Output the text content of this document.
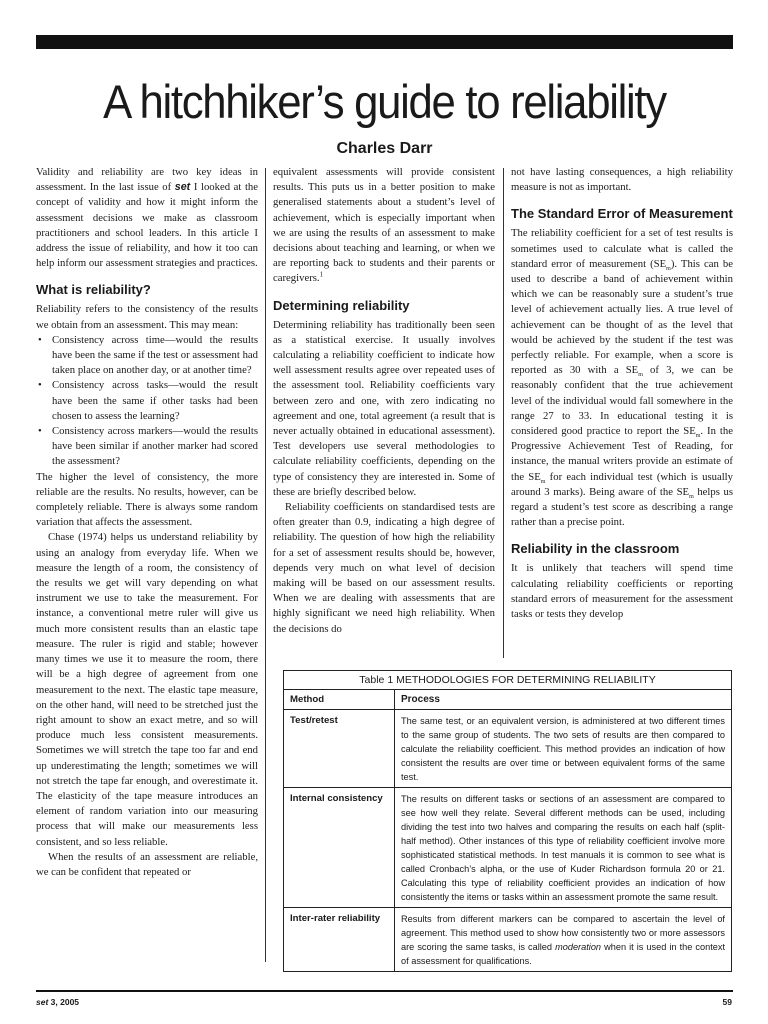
A hitchhiker’s guide to reliability
Charles Darr

Validity and reliability are two key ideas in assessment. In the last issue of set I looked at the concept of validity and how it might inform the assessment decisions we make as classroom practitioners and school leaders. In this article I address the issue of reliability, and how it too can help inform our assessment strategies and practices.

What is reliability?

Reliability refers to the consistency of the results we obtain from an assessment. This may mean:

• Consistency across time—would the results have been the same if the test or assessment had taken place on another day, or at another time?
• Consistency across tasks—would the result have been the same if other tasks had been chosen to assess the learning?
• Consistency across markers—would the results have been similar if another marker had scored the assessment?

The higher the level of consistency, the more reliable are the results. No results, however, can be completely reliable. There is always some random variation that affects the assessment.

Chase (1974) helps us understand reliability by using an analogy from everyday life. When we measure the length of a room, the consistency of the results we get will vary depending on what instrument we use to take the measurement. For instance, a conventional metre ruler will give us much more consistent results than an elastic tape measure. The ruler is rigid and stable; however many times we use it to measure the room, there will be a high degree of agreement from one measurement to the next. The elastic tape measure, on the other hand, will need to be stretched just the right amount to show an exact metre, and so will produce much less consistent measurements. Sometimes we will stretch the tape too far and end up underestimating the length; sometimes we will not stretch the tape far enough, and overestimate it. The elasticity of the tape measure introduces an element of random variation into our measuring process that will make our measurements less consistent, and so less reliable.

When the results of an assessment are reliable, we can be confident that repeated or

equivalent assessments will provide consistent results. This puts us in a better position to make generalised statements about a student’s level of achievement, which is especially important when we are using the results of an assessment to make decisions about teaching and learning, or when we are reporting back to students and their parents or caregivers.$^1$

Determining reliability

Determining reliability has traditionally been seen as a statistical exercise. It usually involves calculating a reliability coefficient to indicate how well assessment results agree over repeated uses of the assessment tool. Reliability coefficients vary between zero and one, with zero indicating no agreement and one, total agreement (a result that is never actually obtained in educational assessment). Test developers use several methodologies to calculate reliability coefficients, depending on the type of consistency they are interested in. Some of these are briefly described below.

Reliability coefficients on standardised tests are often greater than 0.9, indicating a high degree of reliability. The question of how high the reliability for a set of assessment results should be, however, depends very much on what level of decision making will be based on our assessment results. When we are dealing with assessments that are highly significant we need high reliability. When the decisions do

not have lasting consequences, a high reliability measure is not as important.

The Standard Error of Measurement

The reliability coefficient for a set of test results is sometimes used to calculate what is called the standard error of measurement $(SE_m)$. This can be used to describe a band of achievement within which we can be reasonably sure a student’s true level of achievement actually lies. A true level of achievement can be thought of as the level that would be achieved by the student if the test was perfectly reliable. For example, when a score is reported as 30 with a $SE_m$ of 3, we can be reasonably confident that the true achievement level of the individual would fall somewhere in the range 27 to 33. In educational testing it is considered good practice to report the $SE_m$. In the Progressive Achievement Test of Reading, for instance, the manual writers provide an estimate of the $SE_m$ for each individual test (which is usually around 3 marks). Being aware of the $SE_m$ helps us regard a student’s test score as describing a range rather than a precise point.

Reliability in the classroom

It is unlikely that teachers will spend time calculating reliability coefficients or reporting standard errors of measurement for the assessment tasks or tests they develop

Table 1 METHODOLOGIES FOR DETERMINING RELIABILITY
Method	Process
Test/retest	The same test, or an equivalent version, is administered at two different times to the same group of students. The two sets of results are then compared to calculate the reliability coefficient. This method provides an indication of how consistent the results are over time or between equivalent forms of the same test.
Internal consistency	The results on different tasks or sections of an assessment are compared to see how well they relate. Several different methods can be used, including dividing the test into two halves and comparing the results on each half (split-half method). Other instances of this type of reliability coefficient involve more sophisticated statistical methods. In test manuals it is common to see what is called Cronbach’s alpha, or the use of Kuder Richardson formula 20 or 21. Calculating this type of reliability coefficient provides an indication of how consistently the items or tasks within an assessment promote the same result.
Inter-rater reliability	Results from different markers can be compared to ascertain the level of agreement. This method used to show how consistently two or more assessors are scoring the same tasks, is called moderation when it is used in the context of assessment for qualifications.
set 3, 2005	59
